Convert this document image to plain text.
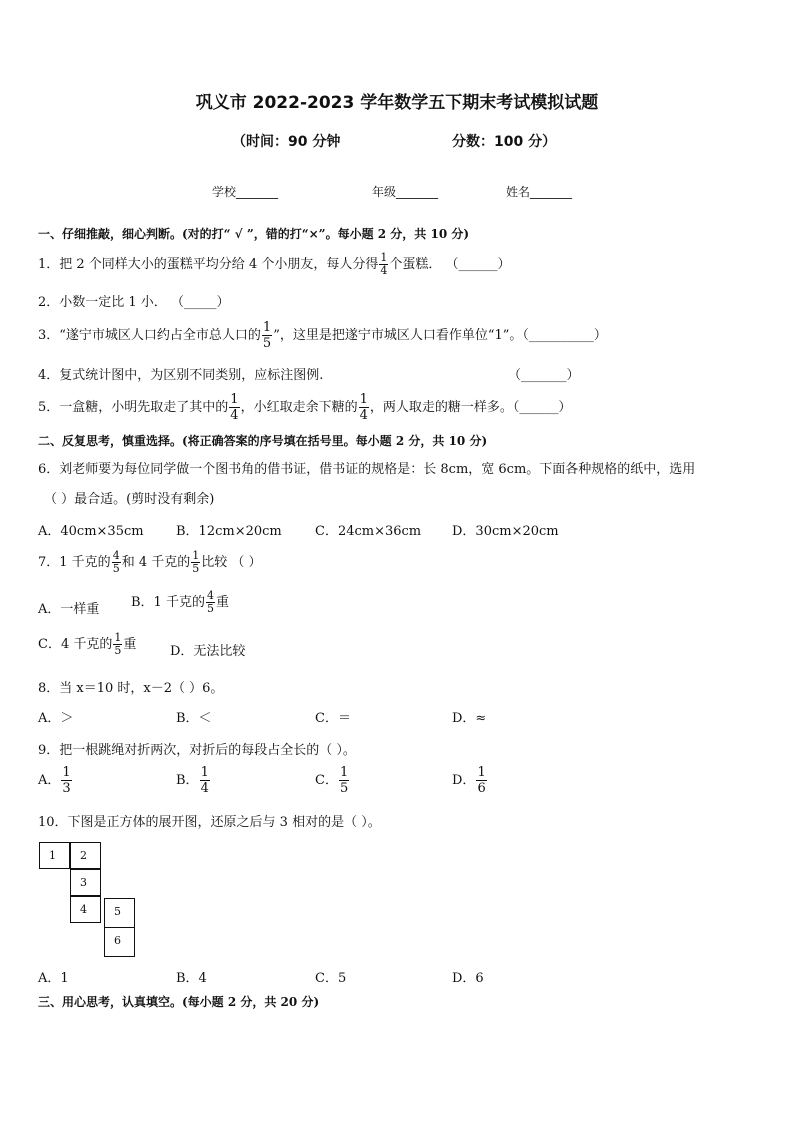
巩义市 2022-2023 学年数学五下期末考试模拟试题
（时间：90 分钟	分数：100 分）
学校_______	年级_______	姓名_______
一、仔细推敲，细心判断。(对的打“ √ ”，错的打“×”。每小题 2 分，共 10 分)
1．把 2 个同样大小的蛋糕平均分给 4 个小朋友，每人分得 $\frac{1}{4}$ 个蛋糕． （______）
2．小数一定比 1 小． （_____）
3．“遂宁市城区人口约占全市总人口的 $\frac{1}{5}$ ”，这里是把遂宁市城区人口看作单位“1”。（__________）
4．复式统计图中，为区别不同类别，应标注图例.	（_______）
5．一盒糖，小明先取走了其中的 $\frac{1}{4}$ ，小红取走余下糖的 $\frac{1}{4}$ ，两人取走的糖一样多。（______）
二、反复思考，慎重选择。(将正确答案的序号填在括号里。每小题 2 分，共 10 分)
6．刘老师要为每位同学做一个图书角的借书证，借书证的规格是：长 8cm，宽 6cm。下面各种规格的纸中，选用
（ ）最合适。(剪时没有剩余)
A．40cm×35cm B．12cm×20cm	C．24cm×36cm D．30cm×20cm
7．1 千克的 $\frac{4}{5}$ 和 4 千克的 $\frac{1}{5}$ 比较 （ ）
A．一样重 B．1 千克的 $\frac{4}{5}$ 重
C．4 千克的 $\frac{1}{5}$ 重	D．无法比较
8．当 x＝10 时，x－2（ ）6。
A．＞	B．＜	C．＝	D．≈
9．把一根跳绳对折两次，对折后的每段占全长的（ ）。
A． $\frac{1}{3}$	B． $\frac{1}{4}$	C． $\frac{1}{5}$	D． $\frac{1}{6}$
10．下图是正方体的展开图，还原之后与 3 相对的是（ ）。
1	2
3
4	5
6
A．1	B．4	C．5	D．6
三、用心思考，认真填空。(每小题 2 分，共 20 分)
